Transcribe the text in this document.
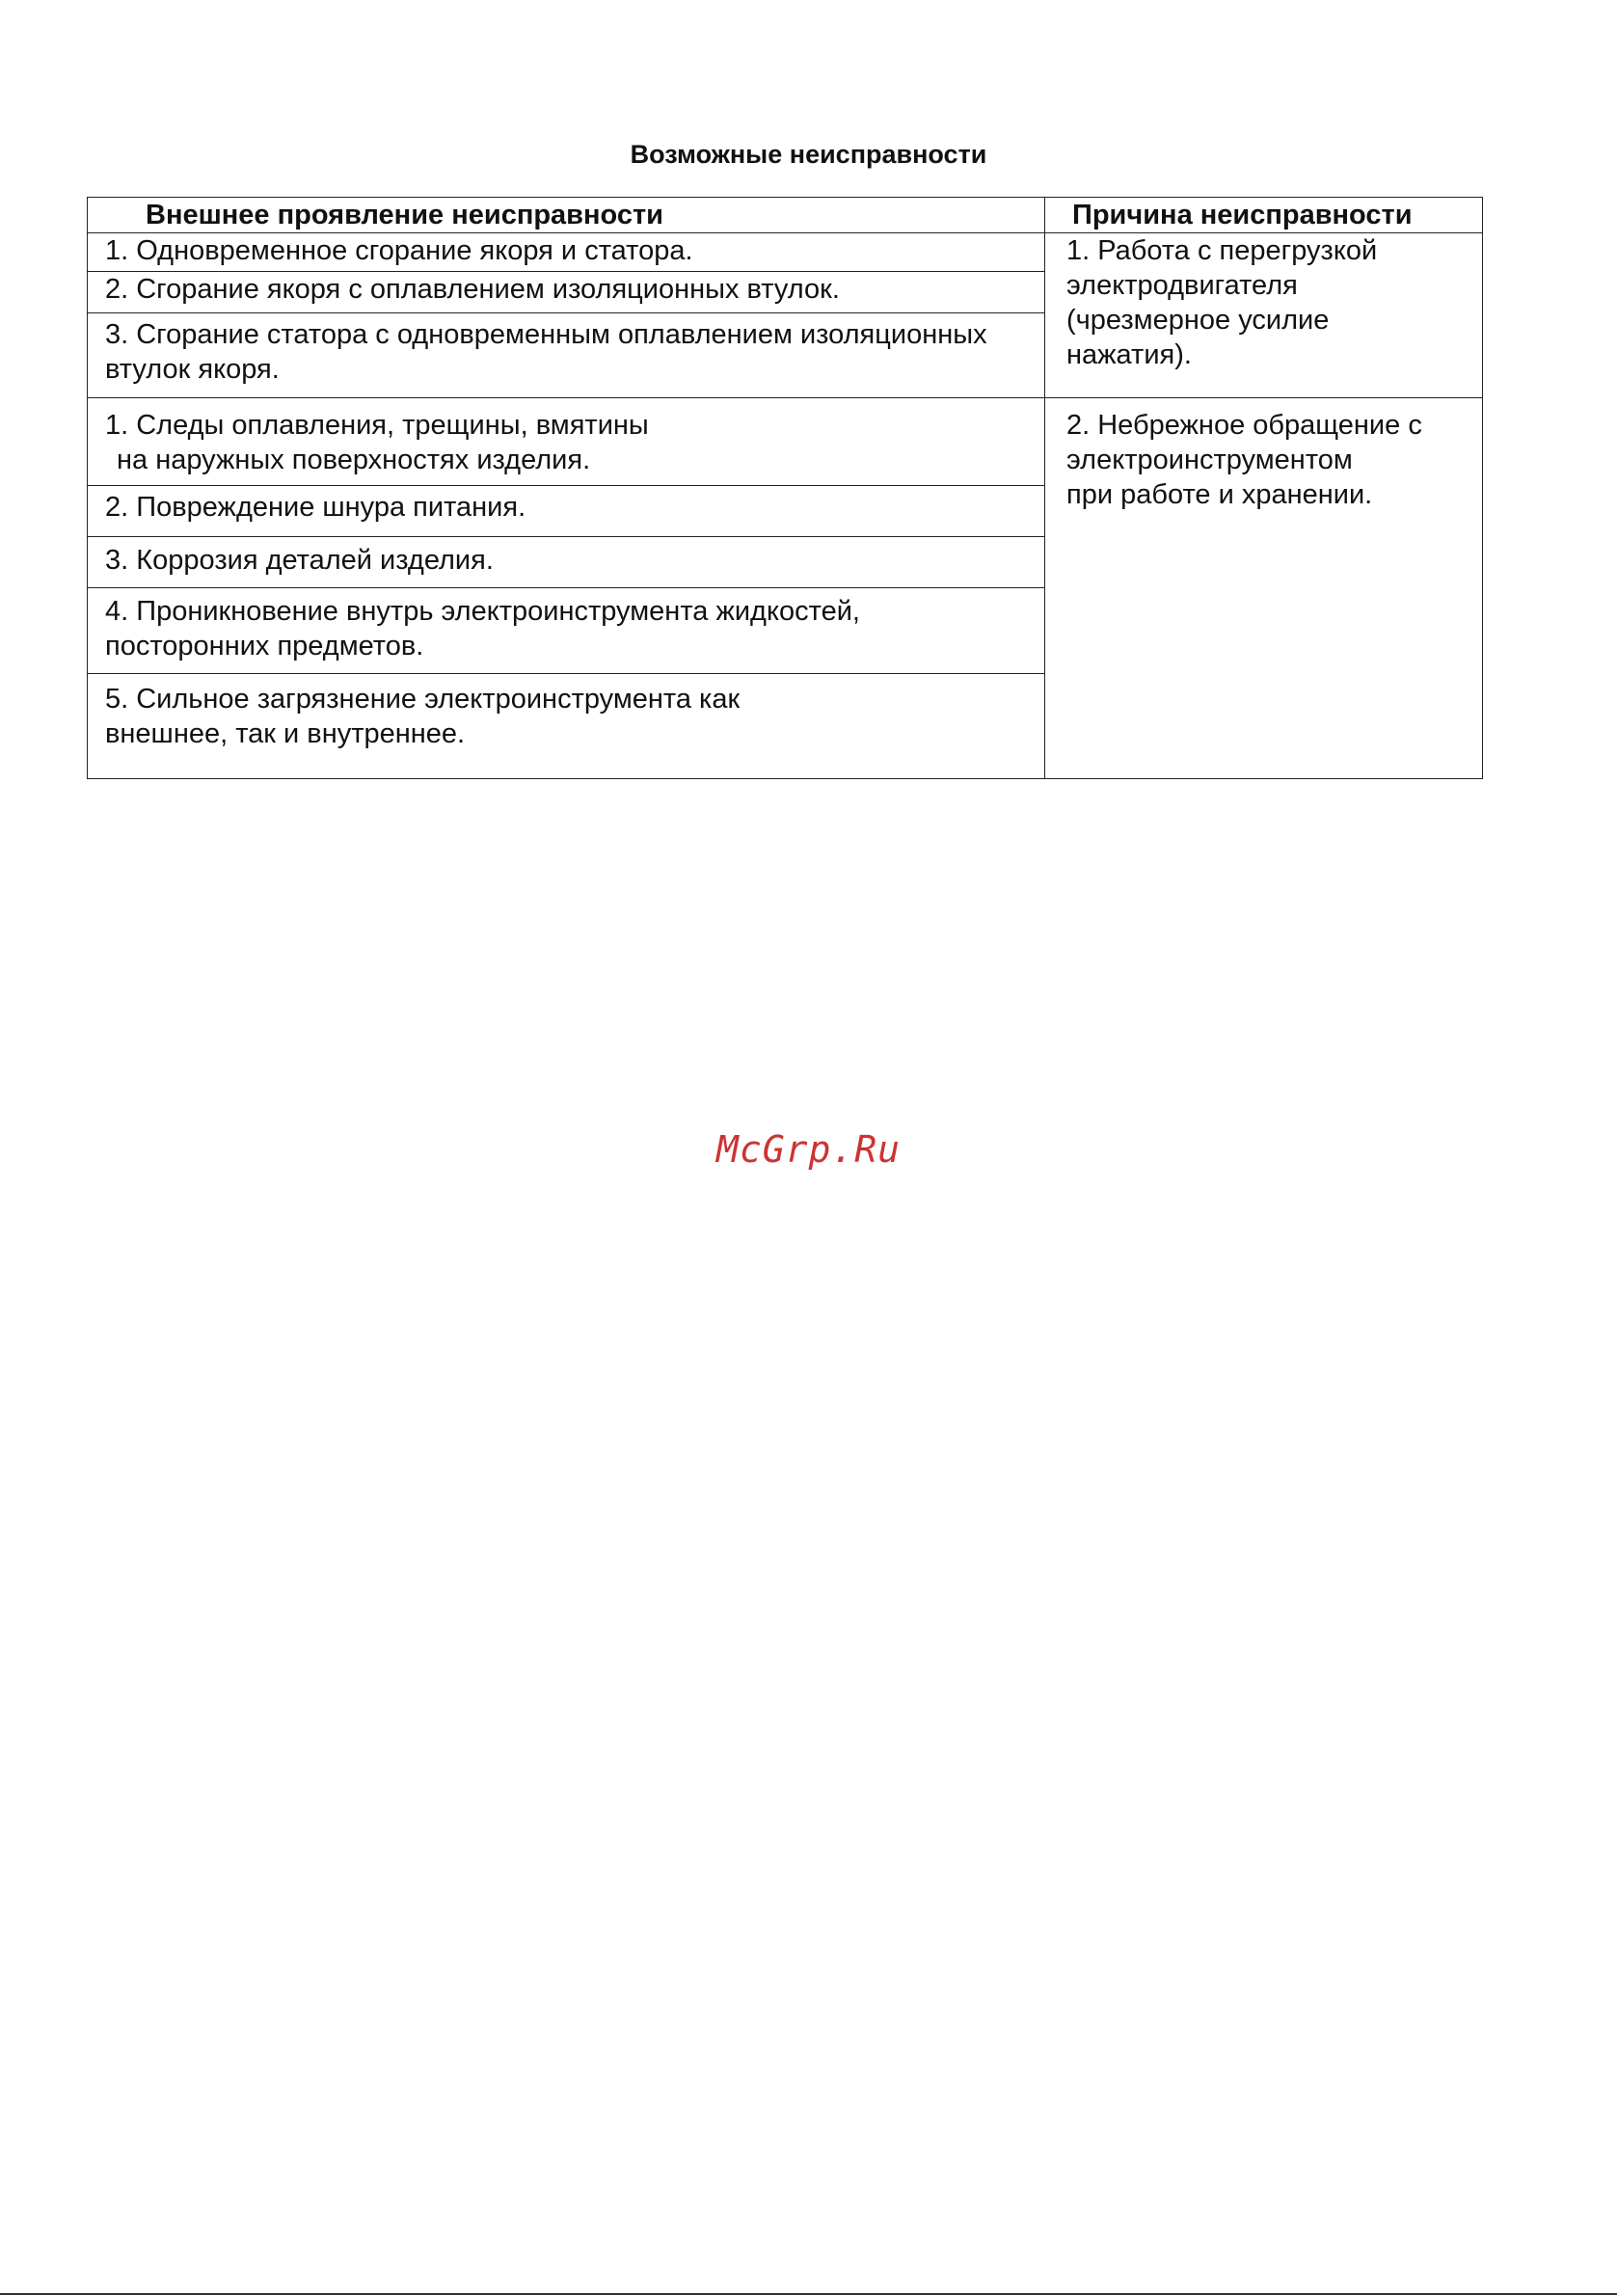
Возможные неисправности
Внешнее проявление неисправности	Причина неисправности

1. Одновременное сгорание якоря и статора.	1. Работа с перегрузкой
электродвигателя
(чрезмерное усилие
нажатия).

2. Сгорание якоря с оплавлением изоляционных втулок.	

3. Сгорание статора с одновременным оплавлением изоляционных
втулок якоря.	

1. Следы оплавления, трещины, вмятины
на наружных поверхностях изделия.	2. Небрежное обращение с
электроинструментом
при работе и хранении.

2. Повреждение шнура питания.	

3. Коррозия деталей изделия.	

4. Проникновение внутрь электроинструмента жидкостей,
посторонних предметов.	

5. Сильное загрязнение электроинструмента как
внешнее, так и внутреннее.	
McGrp.Ru
